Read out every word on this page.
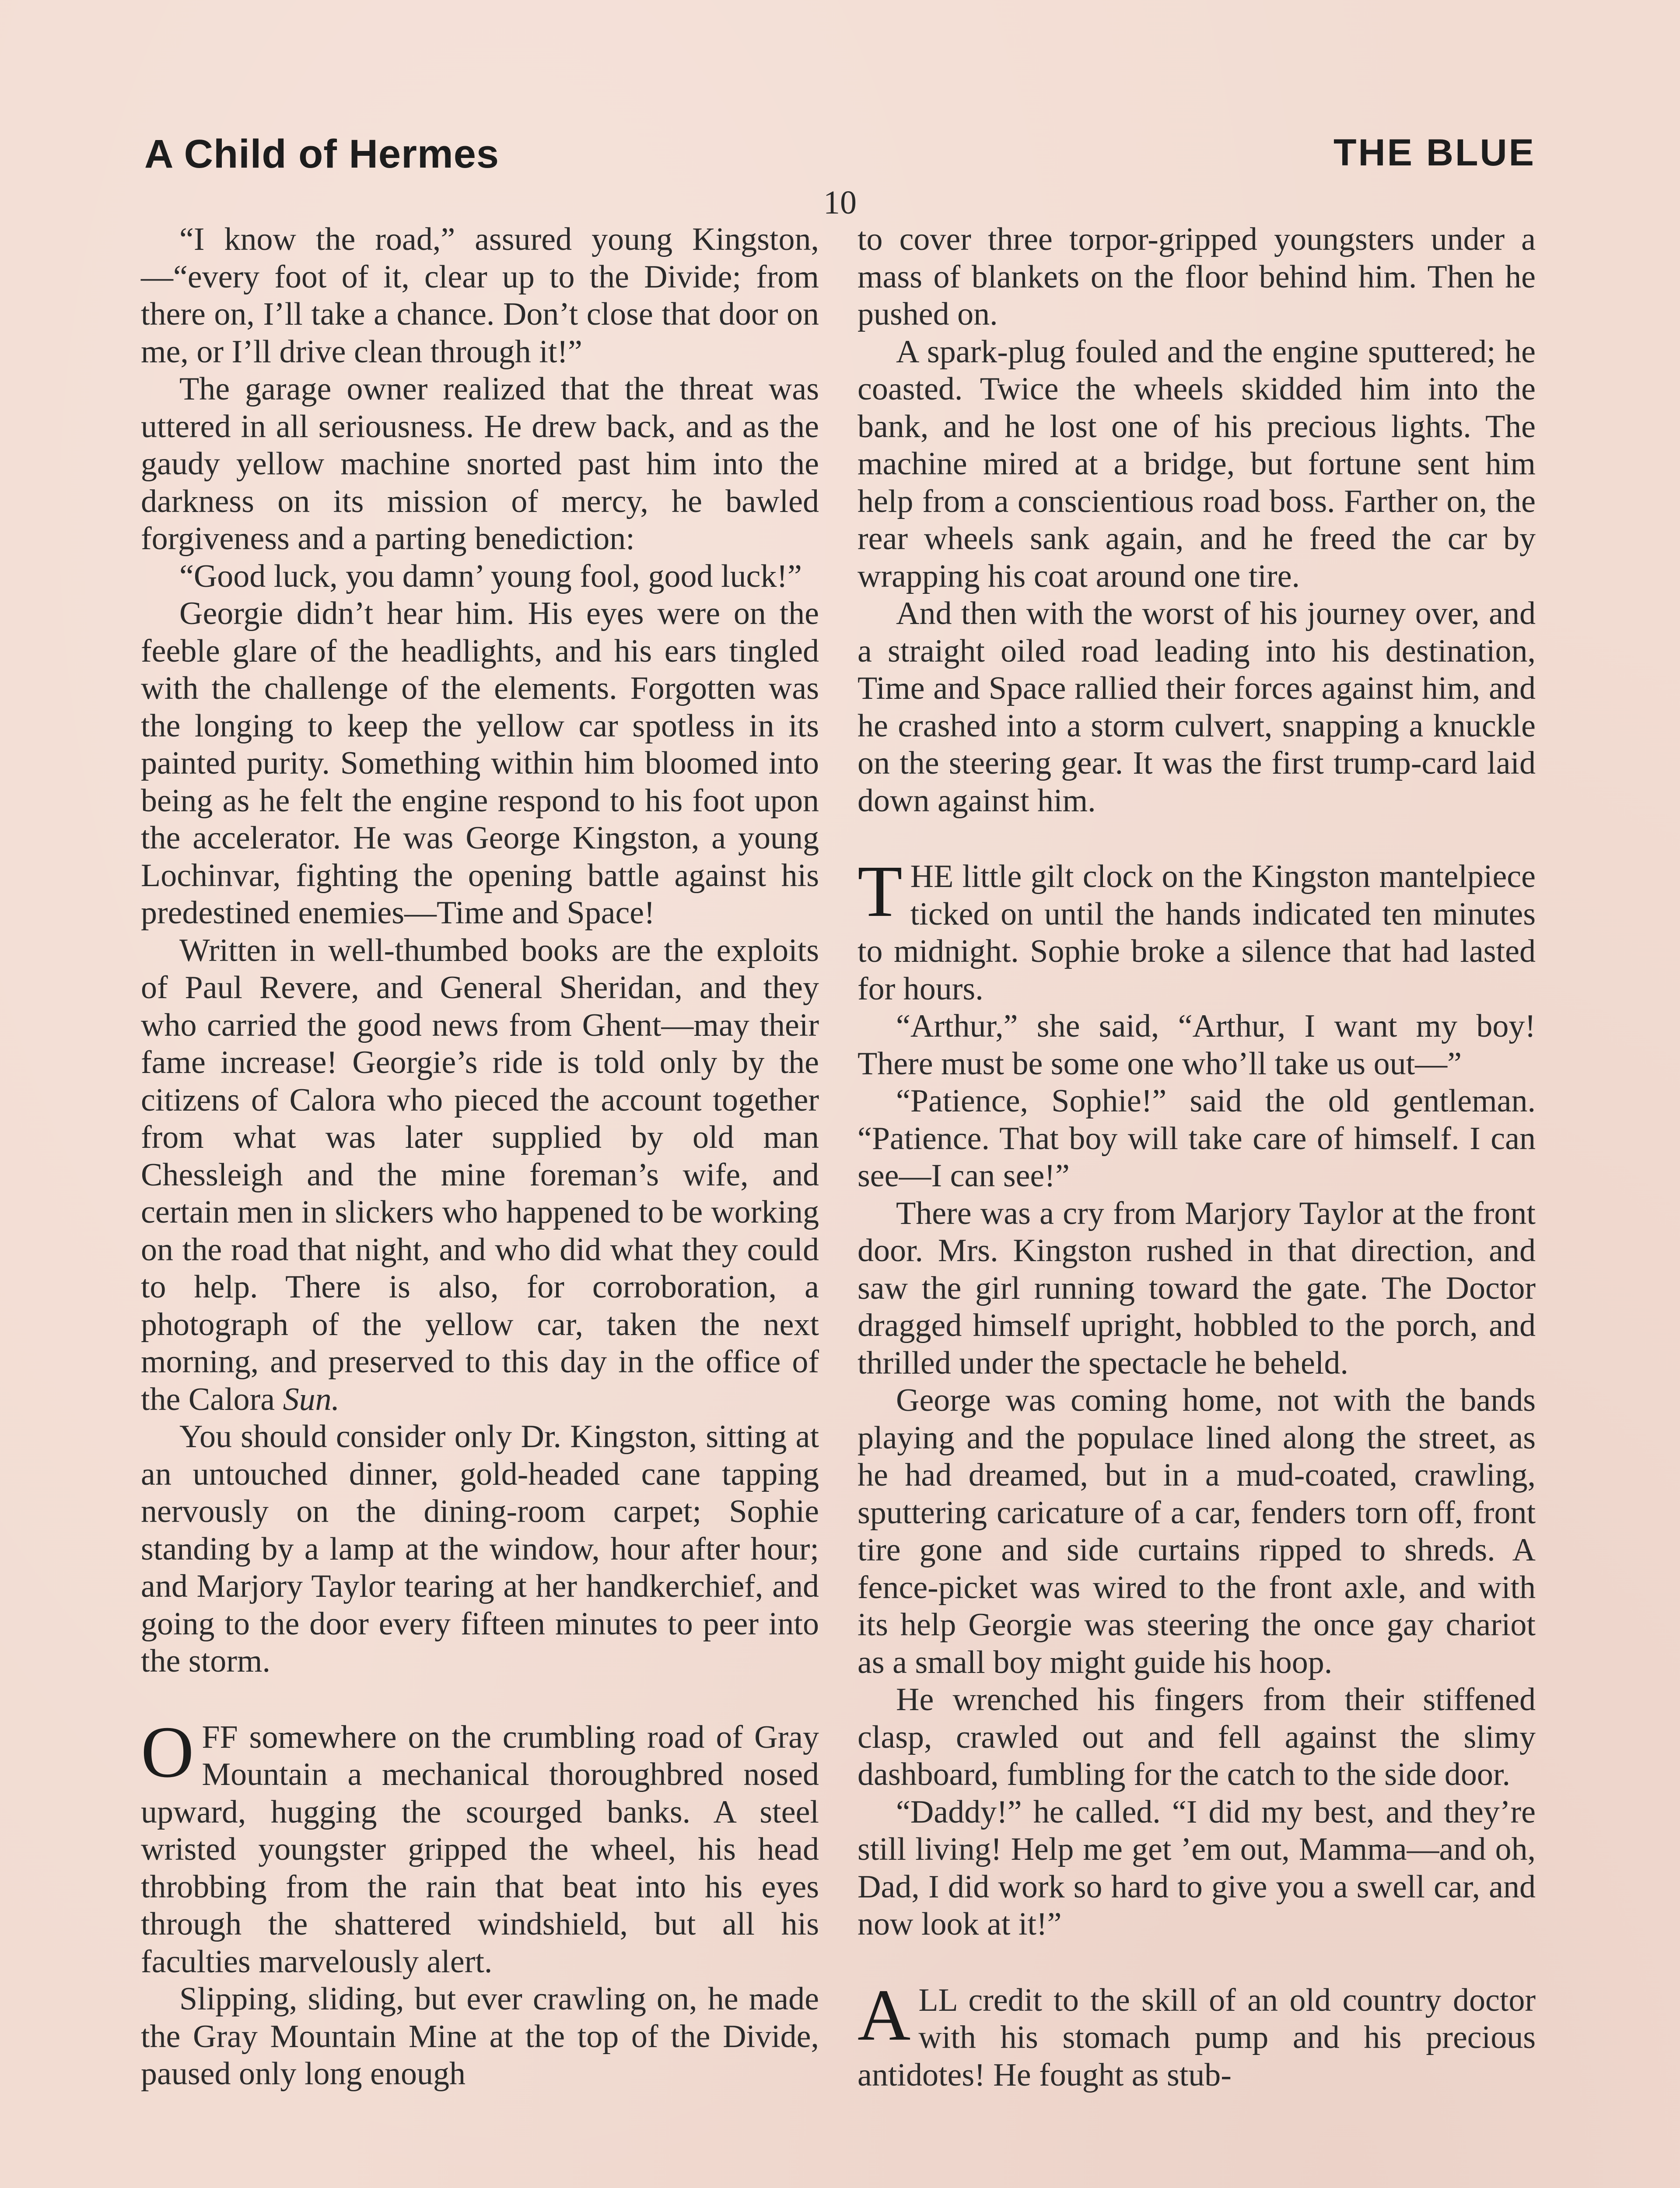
A Child of Hermes	THE BLUE
10

“I know the road,” assured young Kingston,—“every foot of it, clear up to the Divide; from there on, I’ll take a chance. Don’t close that door on me, or I’ll drive clean through it!”

The garage owner realized that the threat was uttered in all seriousness. He drew back, and as the gaudy yellow machine snorted past him into the darkness on its mission of mercy, he bawled forgiveness and a parting benediction:

“Good luck, you damn’ young fool, good luck!”

Georgie didn’t hear him. His eyes were on the feeble glare of the headlights, and his ears tingled with the challenge of the elements. Forgotten was the longing to keep the yellow car spotless in its painted purity. Something within him bloomed into being as he felt the engine respond to his foot upon the accelerator. He was George Kingston, a young Lochinvar, fighting the opening battle against his predestined enemies—Time and Space!

Written in well-thumbed books are the exploits of Paul Revere, and General Sheridan, and they who carried the good news from Ghent—may their fame increase! Georgie’s ride is told only by the citizens of Calora who pieced the account together from what was later supplied by old man Chessleigh and the mine foreman’s wife, and certain men in slickers who happened to be working on the road that night, and who did what they could to help. There is also, for corroboration, a photograph of the yellow car, taken the next morning, and preserved to this day in the office of the Calora Sun.

You should consider only Dr. Kingston, sitting at an untouched dinner, gold-headed cane tapping nervously on the dining-room carpet; Sophie standing by a lamp at the window, hour after hour; and Marjory Taylor tearing at her handkerchief, and going to the door every fifteen minutes to peer into the storm.

OFF somewhere on the crumbling road of Gray Mountain a mechanical thoroughbred nosed upward, hugging the scourged banks. A steel wristed youngster gripped the wheel, his head throbbing from the rain that beat into his eyes through the shattered windshield, but all his faculties marvelously alert.

Slipping, sliding, but ever crawling on, he made the Gray Mountain Mine at the top of the Divide, paused only long enough

to cover three torpor-gripped youngsters under a mass of blankets on the floor behind him. Then he pushed on.

A spark-plug fouled and the engine sputtered; he coasted. Twice the wheels skidded him into the bank, and he lost one of his precious lights. The machine mired at a bridge, but fortune sent him help from a conscientious road boss. Farther on, the rear wheels sank again, and he freed the car by wrapping his coat around one tire.

And then with the worst of his journey over, and a straight oiled road leading into his destination, Time and Space rallied their forces against him, and he crashed into a storm culvert, snapping a knuckle on the steering gear. It was the first trump-card laid down against him.

THE little gilt clock on the Kingston mantelpiece ticked on until the hands indicated ten minutes to midnight. Sophie broke a silence that had lasted for hours.

“Arthur,” she said, “Arthur, I want my boy! There must be some one who’ll take us out—”

“Patience, Sophie!” said the old gentleman. “Patience. That boy will take care of himself. I can see—I can see!”

There was a cry from Marjory Taylor at the front door. Mrs. Kingston rushed in that direction, and saw the girl running toward the gate. The Doctor dragged himself upright, hobbled to the porch, and thrilled under the spectacle he beheld.

George was coming home, not with the bands playing and the populace lined along the street, as he had dreamed, but in a mud-coated, crawling, sputtering caricature of a car, fenders torn off, front tire gone and side curtains ripped to shreds. A fence-picket was wired to the front axle, and with its help Georgie was steering the once gay chariot as a small boy might guide his hoop.

He wrenched his fingers from their stiffened clasp, crawled out and fell against the slimy dashboard, fumbling for the catch to the side door.

“Daddy!” he called. “I did my best, and they’re still living! Help me get ’em out, Mamma—and oh, Dad, I did work so hard to give you a swell car, and now look at it!”

ALL credit to the skill of an old country doctor with his stomach pump and his precious antidotes! He fought as stub-
